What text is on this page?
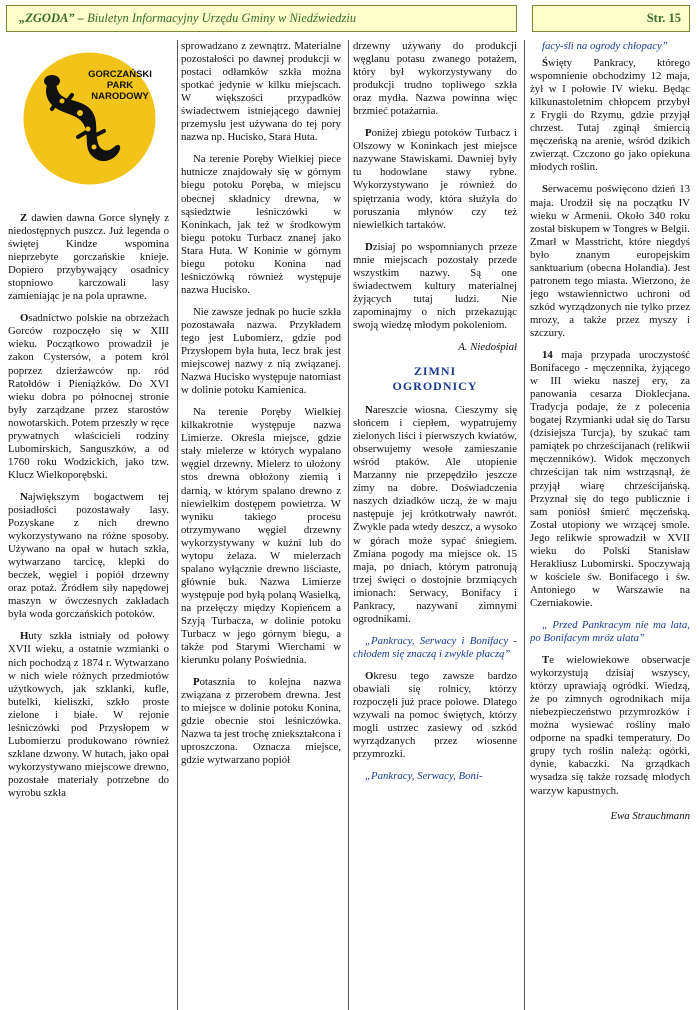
„ZGODA” – Biuletyn Informacyjny Urzędu Gminy w Niedźwiedziu	Str. 15
GORCZAŃSKI
PARK
NARODOWY

Z dawien dawna Gorce słynęły z niedostępnych puszcz. Już legenda o świętej Kindze wspomina nieprzebyte gorczańskie knieje. Dopiero przybywający osadnicy stopniowo karczowali lasy zamieniając je na pola uprawne.

Osadnictwo polskie na obrzeżach Gorców rozpoczęło się w XIII wieku. Początkowo prowadził je zakon Cystersów, a potem król poprzez dzierżawców np. ród Ratołdów i Pieniążków. Do XVI wieku dobra po północnej stronie były zarządzane przez starostów nowotarskich. Potem przeszły w ręce prywatnych właścicieli rodziny Lubomirskich, Sanguszków, a od 1760 roku Wodzickich, jako tzw. Klucz Wielkoporębski.

Największym bogactwem tej posiadłości pozostawały lasy. Pozyskane z nich drewno wykorzystywano na różne sposoby. Używano na opał w hutach szkła, wytwarzano tarcicę, klepki do beczek, węgiel i popiół drzewny oraz potaż. Źródłem siły napędowej maszyn w ówczesnych zakładach była woda gorczańskich potoków.

Huty szkła istniały od połowy XVII wieku, a ostatnie wzmianki o nich pochodzą z 1874 r. Wytwarzano w nich wiele różnych przedmiotów użytkowych, jak szklanki, kufle, butelki, kieliszki, szkło proste zielone i białe. W rejonie leśniczówki pod Przysłopem w Lubomierzu produkowano również szklane dzwony. W hutach, jako opał wykorzystywano miejscowe drewno, pozostałe materiały potrzebne do wyrobu szkła

sprowadzano z zewnątrz. Materialne pozostałości po dawnej produkcji w postaci odłamków szkła można spotkać jedynie w kilku miejscach. W większości przypadków świadectwem istniejącego dawniej przemysłu jest używana do tej pory nazwa np. Hucisko, Stara Huta.

Na terenie Poręby Wielkiej piece hutnicze znajdowały się w górnym biegu potoku Poręba, w miejscu obecnej składnicy drewna, w sąsiedztwie leśniczówki w Koninkach, jak też w środkowym biegu potoku Turbacz znanej jako Stara Huta. W Koninie w górnym biegu potoku Konina nad leśniczówką również występuje nazwa Hucisko.

Nie zawsze jednak po hucie szkła pozostawała nazwa. Przykładem tego jest Lubomierz, gdzie pod Przysłopem była huta, lecz brak jest miejscowej nazwy z nią związanej. Nazwa Hucisko występuje natomiast w dolinie potoku Kamienica.

Na terenie Poręby Wielkiej kilkakrotnie występuje nazwa Limierze. Określa miejsce, gdzie stały mielerze w których wypalano węgiel drzewny. Mielerz to ułożony stos drewna obłożony ziemią i darnią, w którym spalano drewno z niewielkim dostępem powietrza. W wyniku takiego procesu otrzymywano węgiel drzewny wykorzystywany w kuźni lub do wytopu żelaza. W mielerzach spalano wyłącznie drewno liściaste, głównie buk. Nazwa Limierze występuje pod byłą polaną Wasielką, na przełęczy między Kopieńcem a Szyją Turbacza, w dolinie potoku Turbacz w jego górnym biegu, a także pod Starymi Wierchami w kierunku polany Poświednia.

Potasznia to kolejna nazwa związana z przerobem drewna. Jest to miejsce w dolinie potoku Konina, gdzie obecnie stoi leśniczówka. Nazwa ta jest trochę zniekształcona i uproszczona. Oznacza miejsce, gdzie wytwarzano popiół

drzewny używany do produkcji węglanu potasu zwanego potażem, który był wykorzystywany do produkcji trudno topliwego szkła oraz mydła. Nazwa powinna więc brzmieć potażarnia.

Poniżej zbiegu potoków Turbacz i Olszowy w Koninkach jest miejsce nazywane Stawiskami. Dawniej były tu hodowlane stawy rybne. Wykorzystywano je również do spiętrzania wody, która służyła do poruszania młynów czy też niewielkich tartaków.

Dzisiaj po wspomnianych przeze mnie miejscach pozostały przede wszystkim nazwy. Są one świadectwem kultury materialnej żyjących tutaj ludzi. Nie zapominajmy o nich przekazując swoją wiedzę młodym pokoleniom.

A. Niedośpiał

ZIMNI
OGRODNICY

Nareszcie wiosna. Cieszymy się słońcem i ciepłem, wypatrujemy zielonych liści i pierwszych kwiatów, obserwujemy wesołe zamieszanie wśród ptaków. Ale utopienie Marzanny nie przepędziło jeszcze zimy na dobre. Doświadczenia naszych dziadków uczą, że w maju następuje jej krótkotrwały nawrót. Zwykle pada wtedy deszcz, a wysoko w górach może sypać śniegiem. Zmiana pogody ma miejsce ok. 15 maja, po dniach, którym patronują trzej święci o dostojnie brzmiących imionach: Serwacy, Bonifacy i Pankracy, nazywani zimnymi ogrodnikami.

„Pankracy, Serwacy i Bonifacy - chłodem się znaczą i zwykle płaczą”

Okresu tego zawsze bardzo obawiali się rolnicy, którzy rozpoczęli już prace polowe. Dlatego wzywali na pomoc świętych, którzy mogli ustrzec zasiewy od szkód wyrządzanych przez wiosenne przymrozki.

„Pankracy, Serwacy, Boni-

facy-śli na ogrody chłopacy”

Święty Pankracy, którego wspomnienie obchodzimy 12 maja, żył w I połowie IV wieku. Będąc kilkunastoletnim chłopcem przybył z Frygii do Rzymu, gdzie przyjął chrzest. Tutaj zginął śmiercią męczeńską na arenie, wśród dzikich zwierząt. Czczono go jako opiekuna młodych roślin.

Serwacemu poświęcono dzień 13 maja. Urodził się na początku IV wieku w Armenii. Około 340 roku został biskupem w Tongres w Belgii. Zmarł w Masstricht, które niegdyś było znanym europejskim sanktuarium (obecna Holandia). Jest patronem tego miasta. Wierzono, że jego wstawiennictwo uchroni od szkód wyrządzonych nie tylko przez mrozy, a także przez myszy i szczury.

14 maja przypada uroczystość Bonifacego - męczennika, żyjącego w III wieku naszej ery, za panowania cesarza Dioklecjana. Tradycja podaje, że z polecenia bogatej Rzymianki udał się do Tarsu (dzisiejsza Turcja), by szukać tam pamiątek po chrześcijanach (relikwii męczenników). Widok męczonych chrześcijan tak nim wstrząsnął, że przyjął wiarę chrześcijańską. Przyznał się do tego publicznie i sam poniósł śmierć męczeńską. Został utopiony we wrzącej smole. Jego relikwie sprowadził w XVII wieku do Polski Stanisław Herakliusz Lubomirski. Spoczywają w kościele św. Bonifacego i św. Antoniego w Warszawie na Czerniakowie.

„ Przed Pankracym nie ma lata, po Bonifacym mróz ulata”

Te wielowiekowe obserwacje wykorzystują dzisiaj wszyscy, którzy uprawiają ogródki. Wiedzą, że po zimnych ogrodnikach mija niebezpieczeństwo przymrozków i można wysiewać rośliny mało odporne na spadki temperatury. Do grupy tych roślin należą: ogórki, dynie, kabaczki. Na grządkach wysadza się także rozsadę młodych warzyw kapustnych.

Ewa Strauchmann
